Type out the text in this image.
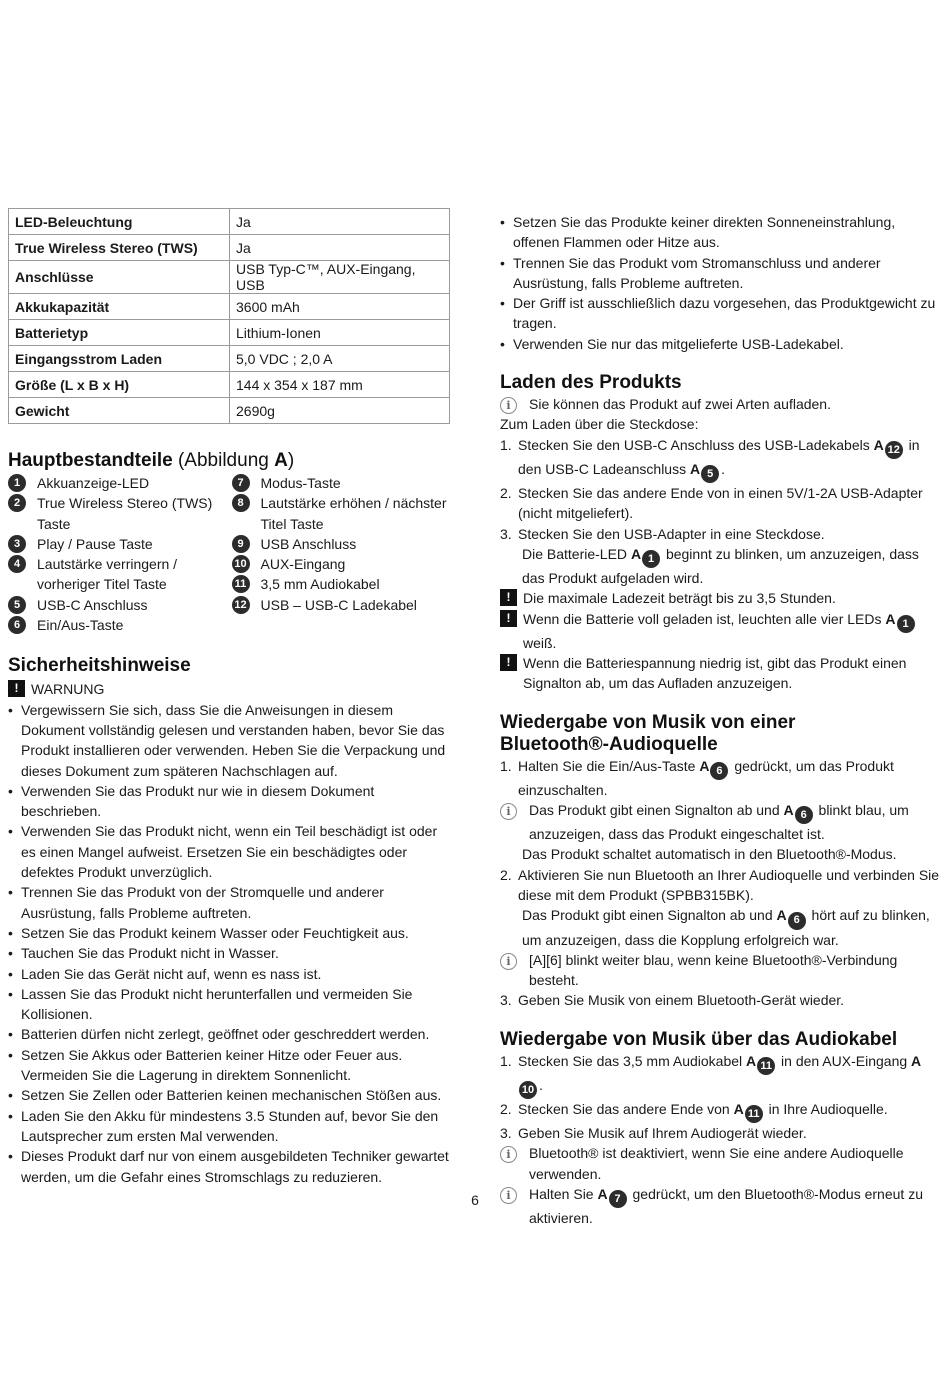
LED-Beleuchtung	Ja
True Wireless Stereo (TWS)	Ja
Anschlüsse	USB Typ-C™, AUX-Eingang, USB
Akkukapazität	3600 mAh
Batterietyp	Lithium-Ionen
Eingangsstrom Laden	5,0 VDC ; 2,0 A
Größe (L x B x H)	144 x 354 x 187 mm
Gewicht	2690g
Hauptbestandteile (Abbildung A)
1	Akkuanzeige-LED
2	True Wireless Stereo (TWS) Taste
3	Play / Pause Taste
4	Lautstärke verringern / vorheriger Titel Taste
5	USB-C Anschluss
6	Ein/Aus-Taste
7	Modus-Taste
8	Lautstärke erhöhen / nächster Titel Taste
9	USB Anschluss
10 AUX-Eingang
11 3,5 mm Audiokabel
12 USB – USB-C Ladekabel
Sicherheitshinweise
! WARNUNG
• Vergewissern Sie sich, dass Sie die Anweisungen in diesem Dokument vollständig gelesen und verstanden haben, bevor Sie das Produkt installieren oder verwenden. Heben Sie die Verpackung und dieses Dokument zum späteren Nachschlagen auf.
• Verwenden Sie das Produkt nur wie in diesem Dokument beschrieben.
• Verwenden Sie das Produkt nicht, wenn ein Teil beschädigt ist oder es einen Mangel aufweist. Ersetzen Sie ein beschädigtes oder defektes Produkt unverzüglich.
• Trennen Sie das Produkt von der Stromquelle und anderer Ausrüstung, falls Probleme auftreten.
• Setzen Sie das Produkt keinem Wasser oder Feuchtigkeit aus.
• Tauchen Sie das Produkt nicht in Wasser.
• Laden Sie das Gerät nicht auf, wenn es nass ist.
• Lassen Sie das Produkt nicht herunterfallen und vermeiden Sie Kollisionen.
• Batterien dürfen nicht zerlegt, geöffnet oder geschreddert werden.
• Setzen Sie Akkus oder Batterien keiner Hitze oder Feuer aus. Vermeiden Sie die Lagerung in direktem Sonnenlicht.
• Setzen Sie Zellen oder Batterien keinen mechanischen Stößen aus.
• Laden Sie den Akku für mindestens 3.5 Stunden auf, bevor Sie den Lautsprecher zum ersten Mal verwenden.
• Dieses Produkt darf nur von einem ausgebildeten Techniker gewartet werden, um die Gefahr eines Stromschlags zu reduzieren.
• Setzen Sie das Produkte keiner direkten Sonneneinstrahlung, offenen Flammen oder Hitze aus.
• Trennen Sie das Produkt vom Stromanschluss und anderer Ausrüstung, falls Probleme auftreten.
• Der Griff ist ausschließlich dazu vorgesehen, das Produktgewicht zu tragen.
• Verwenden Sie nur das mitgelieferte USB-Ladekabel.
Laden des Produkts
i	Sie können das Produkt auf zwei Arten aufladen.
Zum Laden über die Steckdose:
1. Stecken Sie den USB-C Anschluss des USB-Ladekabels A 12 in den USB-C Ladeanschluss A 5 .
2. Stecken Sie das andere Ende von in einen 5V/1-2A USB-Adapter (nicht mitgeliefert).
3. Stecken Sie den USB-Adapter in eine Steckdose.
Die Batterie-LED A 1 beginnt zu blinken, um anzuzeigen, dass das Produkt aufgeladen wird.
! Die maximale Ladezeit beträgt bis zu 3,5 Stunden.
! Wenn die Batterie voll geladen ist, leuchten alle vier LEDs A 1 weiß.
! Wenn die Batteriespannung niedrig ist, gibt das Produkt einen Signalton ab, um das Aufladen anzuzeigen.
Wiedergabe von Musik von einer Bluetooth®-Audioquelle
1. Halten Sie die Ein/Aus-Taste A 6 gedrückt, um das Produkt einzuschalten.
i	Das Produkt gibt einen Signalton ab und A 6 blinkt blau, um anzuzeigen, dass das Produkt eingeschaltet ist.
Das Produkt schaltet automatisch in den Bluetooth®-Modus.
2. Aktivieren Sie nun Bluetooth an Ihrer Audioquelle und verbinden Sie diese mit dem Produkt (SPBB315BK).
Das Produkt gibt einen Signalton ab und A 6 hört auf zu blinken, um anzuzeigen, dass die Kopplung erfolgreich war.
i	[A][6] blinkt weiter blau, wenn keine Bluetooth®-Verbindung besteht.
3. Geben Sie Musik von einem Bluetooth-Gerät wieder.
Wiedergabe von Musik über das Audiokabel
1. Stecken Sie das 3,5 mm Audiokabel A 11 in den AUX-Eingang A10 .
2. Stecken Sie das andere Ende von A 11 in Ihre Audioquelle.
3. Geben Sie Musik auf Ihrem Audiogerät wieder.
i	Bluetooth® ist deaktiviert, wenn Sie eine andere Audioquelle verwenden.
i	Halten Sie A 7 gedrückt, um den Bluetooth®-Modus erneut zu aktivieren.
6
